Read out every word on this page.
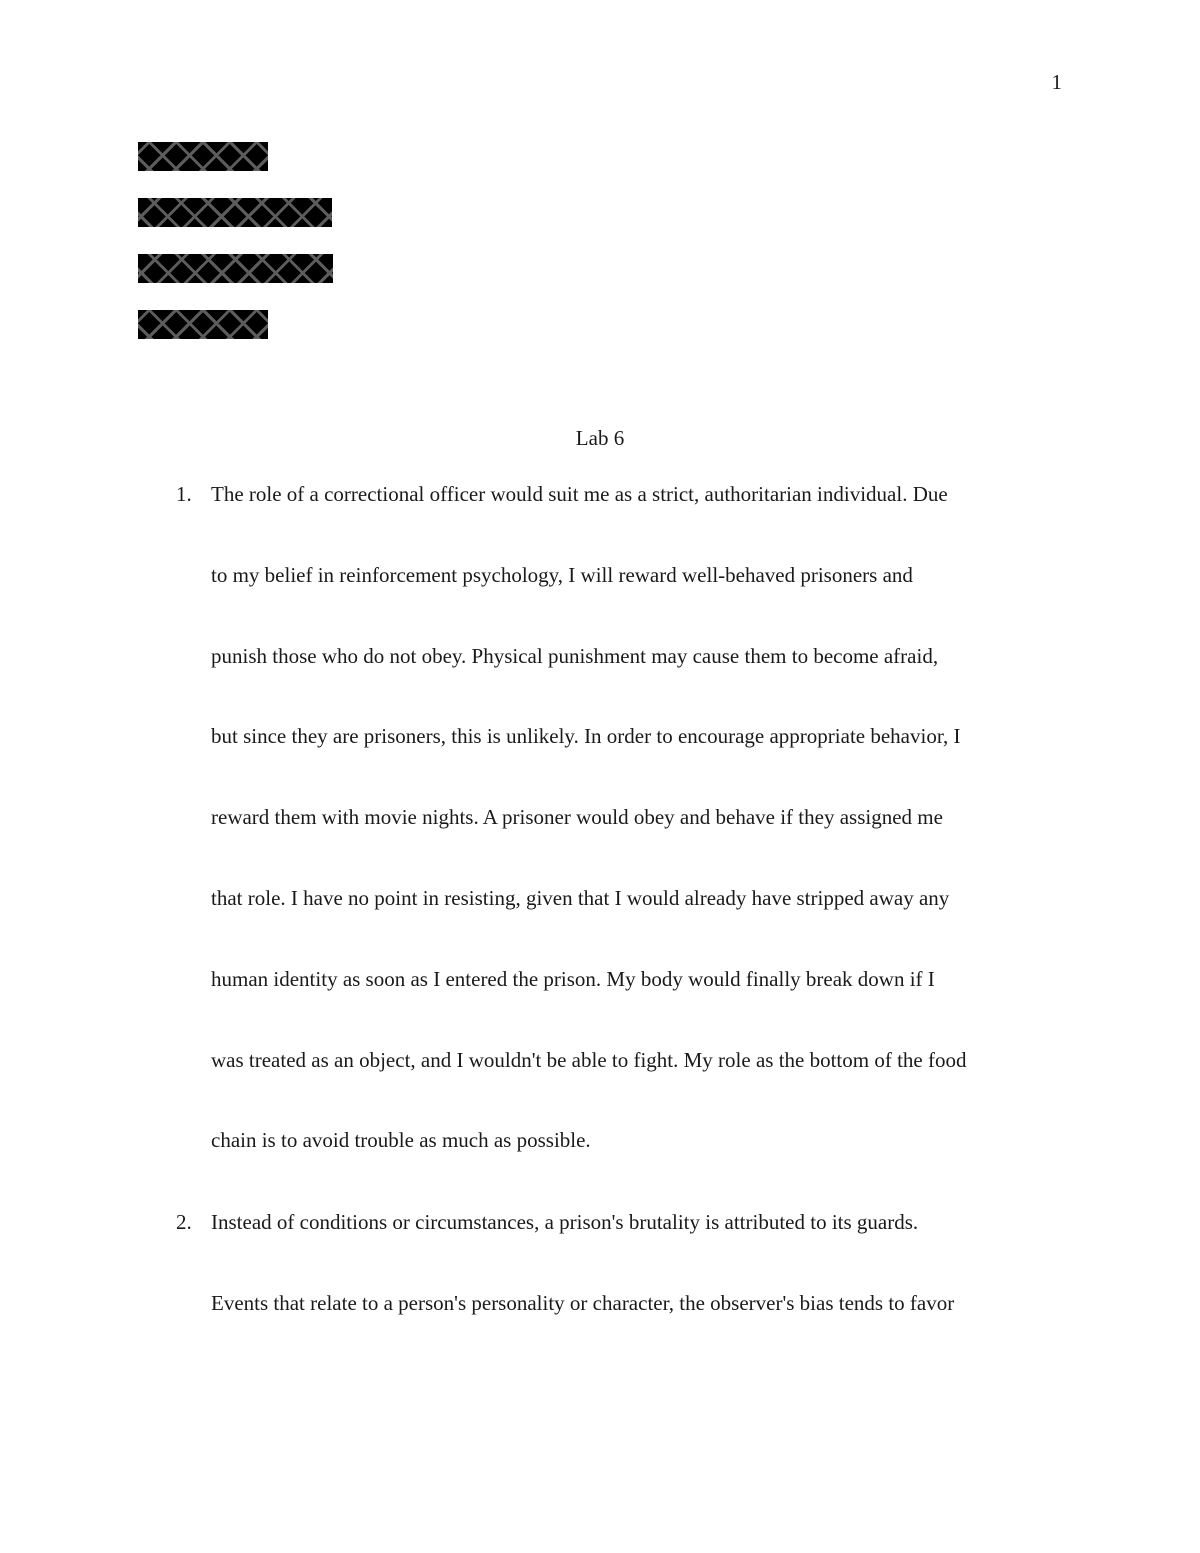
1
Lab 6
1. The role of a correctional officer would suit me as a strict, authoritarian individual. Due
to my belief in reinforcement psychology, I will reward well-behaved prisoners and
punish those who do not obey. Physical punishment may cause them to become afraid,
but since they are prisoners, this is unlikely. In order to encourage appropriate behavior, I
reward them with movie nights. A prisoner would obey and behave if they assigned me
that role. I have no point in resisting, given that I would already have stripped away any
human identity as soon as I entered the prison. My body would finally break down if I
was treated as an object, and I wouldn't be able to fight. My role as the bottom of the food
chain is to avoid trouble as much as possible.
2. Instead of conditions or circumstances, a prison's brutality is attributed to its guards.
Events that relate to a person's personality or character, the observer's bias tends to favor
